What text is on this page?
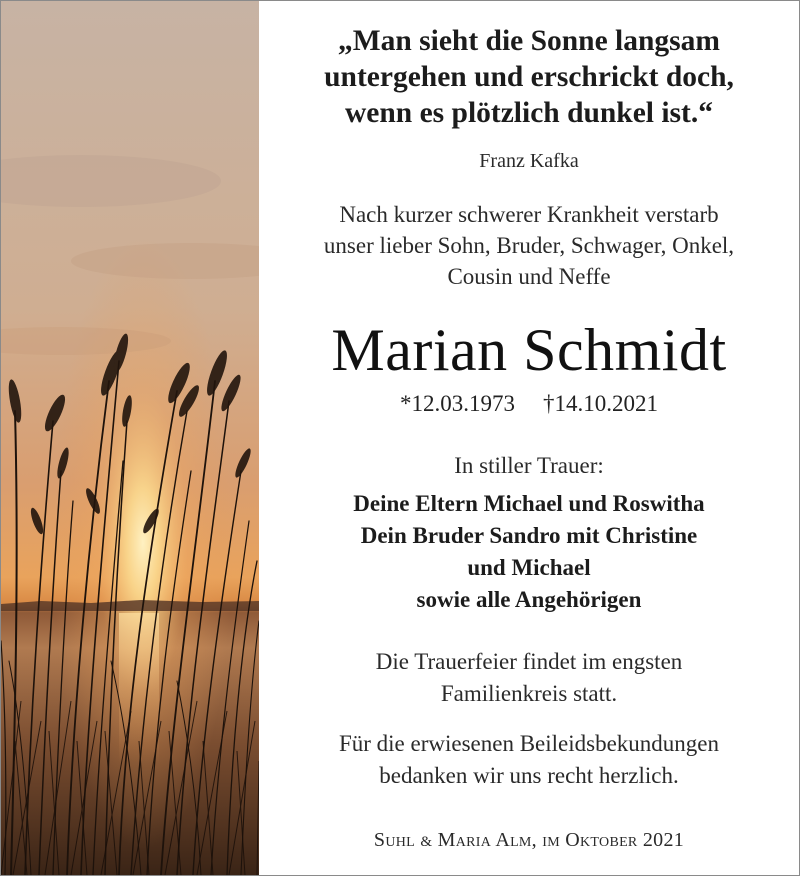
„Man sieht die Sonne langsam
untergehen und erschrickt doch,
wenn es plötzlich dunkel ist.“
Franz Kafka
Nach kurzer schwerer Krankheit verstarb
unser lieber Sohn, Bruder, Schwager, Onkel,
Cousin und Neffe
Marian Schmidt
*12.03.1973 †14.10.2021
In stiller Trauer:
Deine Eltern Michael und Roswitha
Dein Bruder Sandro mit Christine
und Michael
sowie alle Angehörigen
Die Trauerfeier findet im engsten
Familienkreis statt.
Für die erwiesenen Beileidsbekundungen
bedanken wir uns recht herzlich.
Suhl & Maria Alm, im Oktober 2021
